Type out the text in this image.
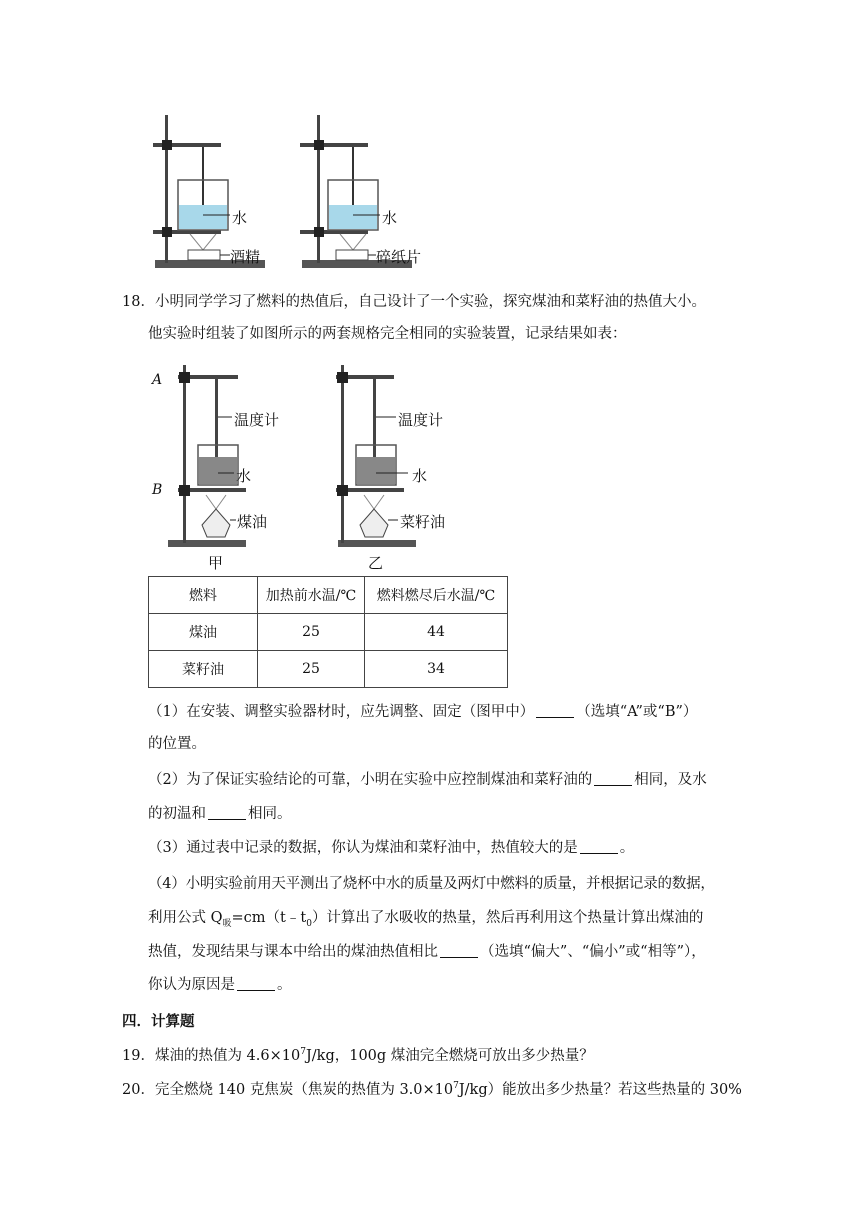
水
酒精
水
碎纸片
18．小明同学学习了燃料的热值后，自己设计了一个实验，探究煤油和菜籽油的热值大小。
他实验时组装了如图所示的两套规格完全相同的实验装置，记录结果如表：
A
B
温度计
水
煤油
甲
温度计
水
菜籽油
乙
燃料	加热前水温/℃	燃料燃尽后水温/℃
煤油	25	44
菜籽油	25	34
（1）在安装、调整实验器材时，应先调整、固定（图甲中）	（选填“A”或“B”）
的位置。
（2）为了保证实验结论的可靠，小明在实验中应控制煤油和菜籽油的	相同，及水
的初温和	相同。
（3）通过表中记录的数据，你认为煤油和菜籽油中，热值较大的是	。
（4）小明实验前用天平测出了烧杯中水的质量及两灯中燃料的质量，并根据记录的数据，
利用公式 $Q_吸=cm(t﹣t_0)$计算出了水吸收的热量，然后再利用这个热量计算出煤油的
热值，发现结果与课本中给出的煤油热值相比	（选填“偏大”、“偏小”或“相等”），
你认为原因是	。
四．计算题
19．煤油的热值为 $4.6\times 10^7J/kg$，100g 煤油完全燃烧可放出多少热量？
20．完全燃烧 140 克焦炭（焦炭的热值为 $3.0\times 10^7J/kg$）能放出多少热量？若这些热量的 30%
